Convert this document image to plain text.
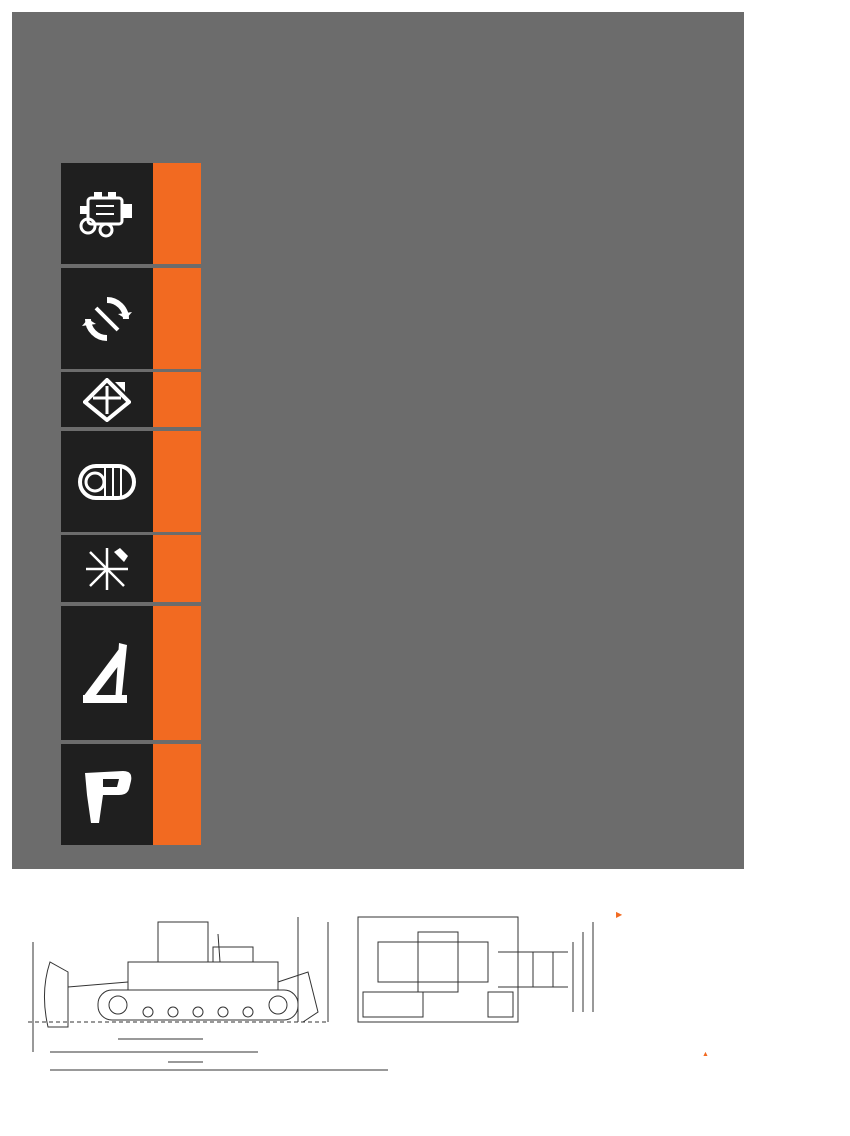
▶
▲
